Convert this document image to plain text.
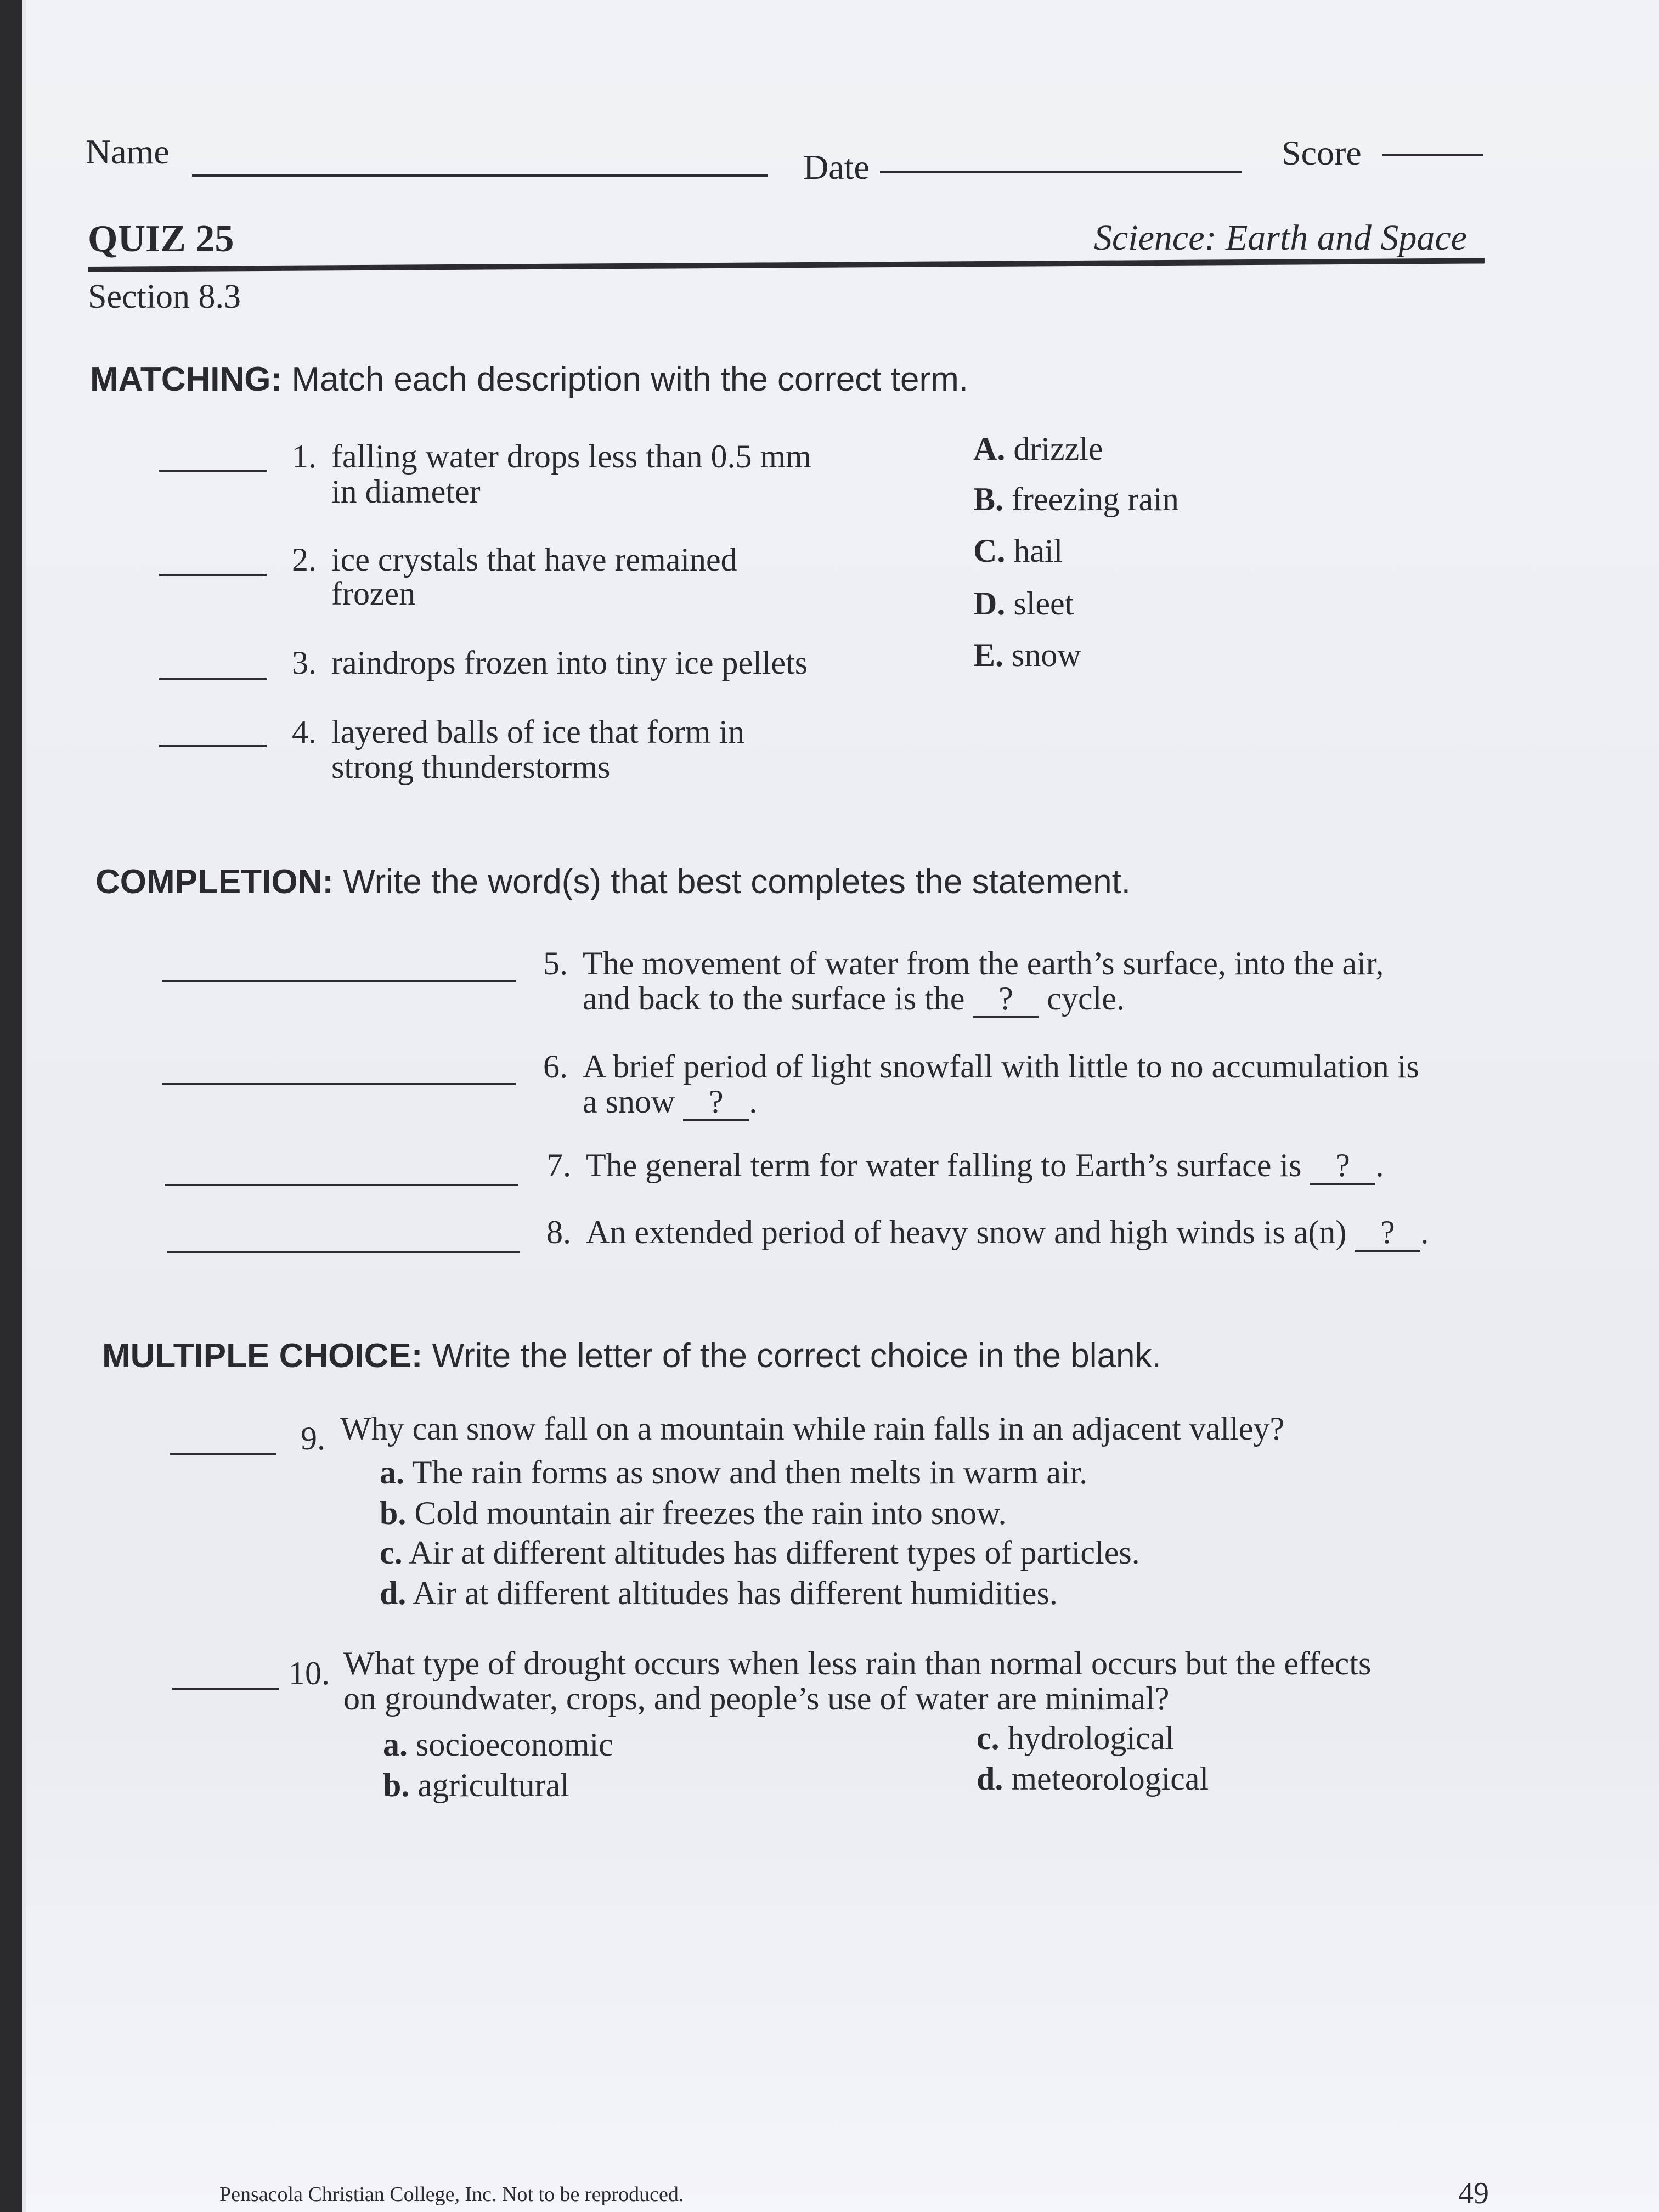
Name	Date	Score
QUIZ 25	Science: Earth and Space
Section 8.3
MATCHING: Match each description with the correct term.
1. falling water drops less than 0.5 mm
in diameter
2. ice crystals that have remained
frozen
3. raindrops frozen into tiny ice pellets
4. layered balls of ice that form in
strong thunderstorms
A. drizzle
B. freezing rain
C. hail
D. sleet
E. snow
COMPLETION: Write the word(s) that best completes the statement.
5. The movement of water from the earth’s surface, into the air,
and back to the surface is the ? cycle.
6. A brief period of light snowfall with little to no accumulation is
a snow ? .
7. The general term for water falling to Earth’s surface is ? .
8. An extended period of heavy snow and high winds is a(n) ? .
MULTIPLE CHOICE: Write the letter of the correct choice in the blank.
9. Why can snow fall on a mountain while rain falls in an adjacent valley?
a. The rain forms as snow and then melts in warm air.
b. Cold mountain air freezes the rain into snow.
c. Air at different altitudes has different types of particles.
d. Air at different altitudes has different humidities.
10. What type of drought occurs when less rain than normal occurs but the effects
on groundwater, crops, and people’s use of water are minimal?
a. socioeconomic
b. agricultural
c. hydrological
d. meteorological
Pensacola Christian College, Inc. Not to be reproduced.	49
